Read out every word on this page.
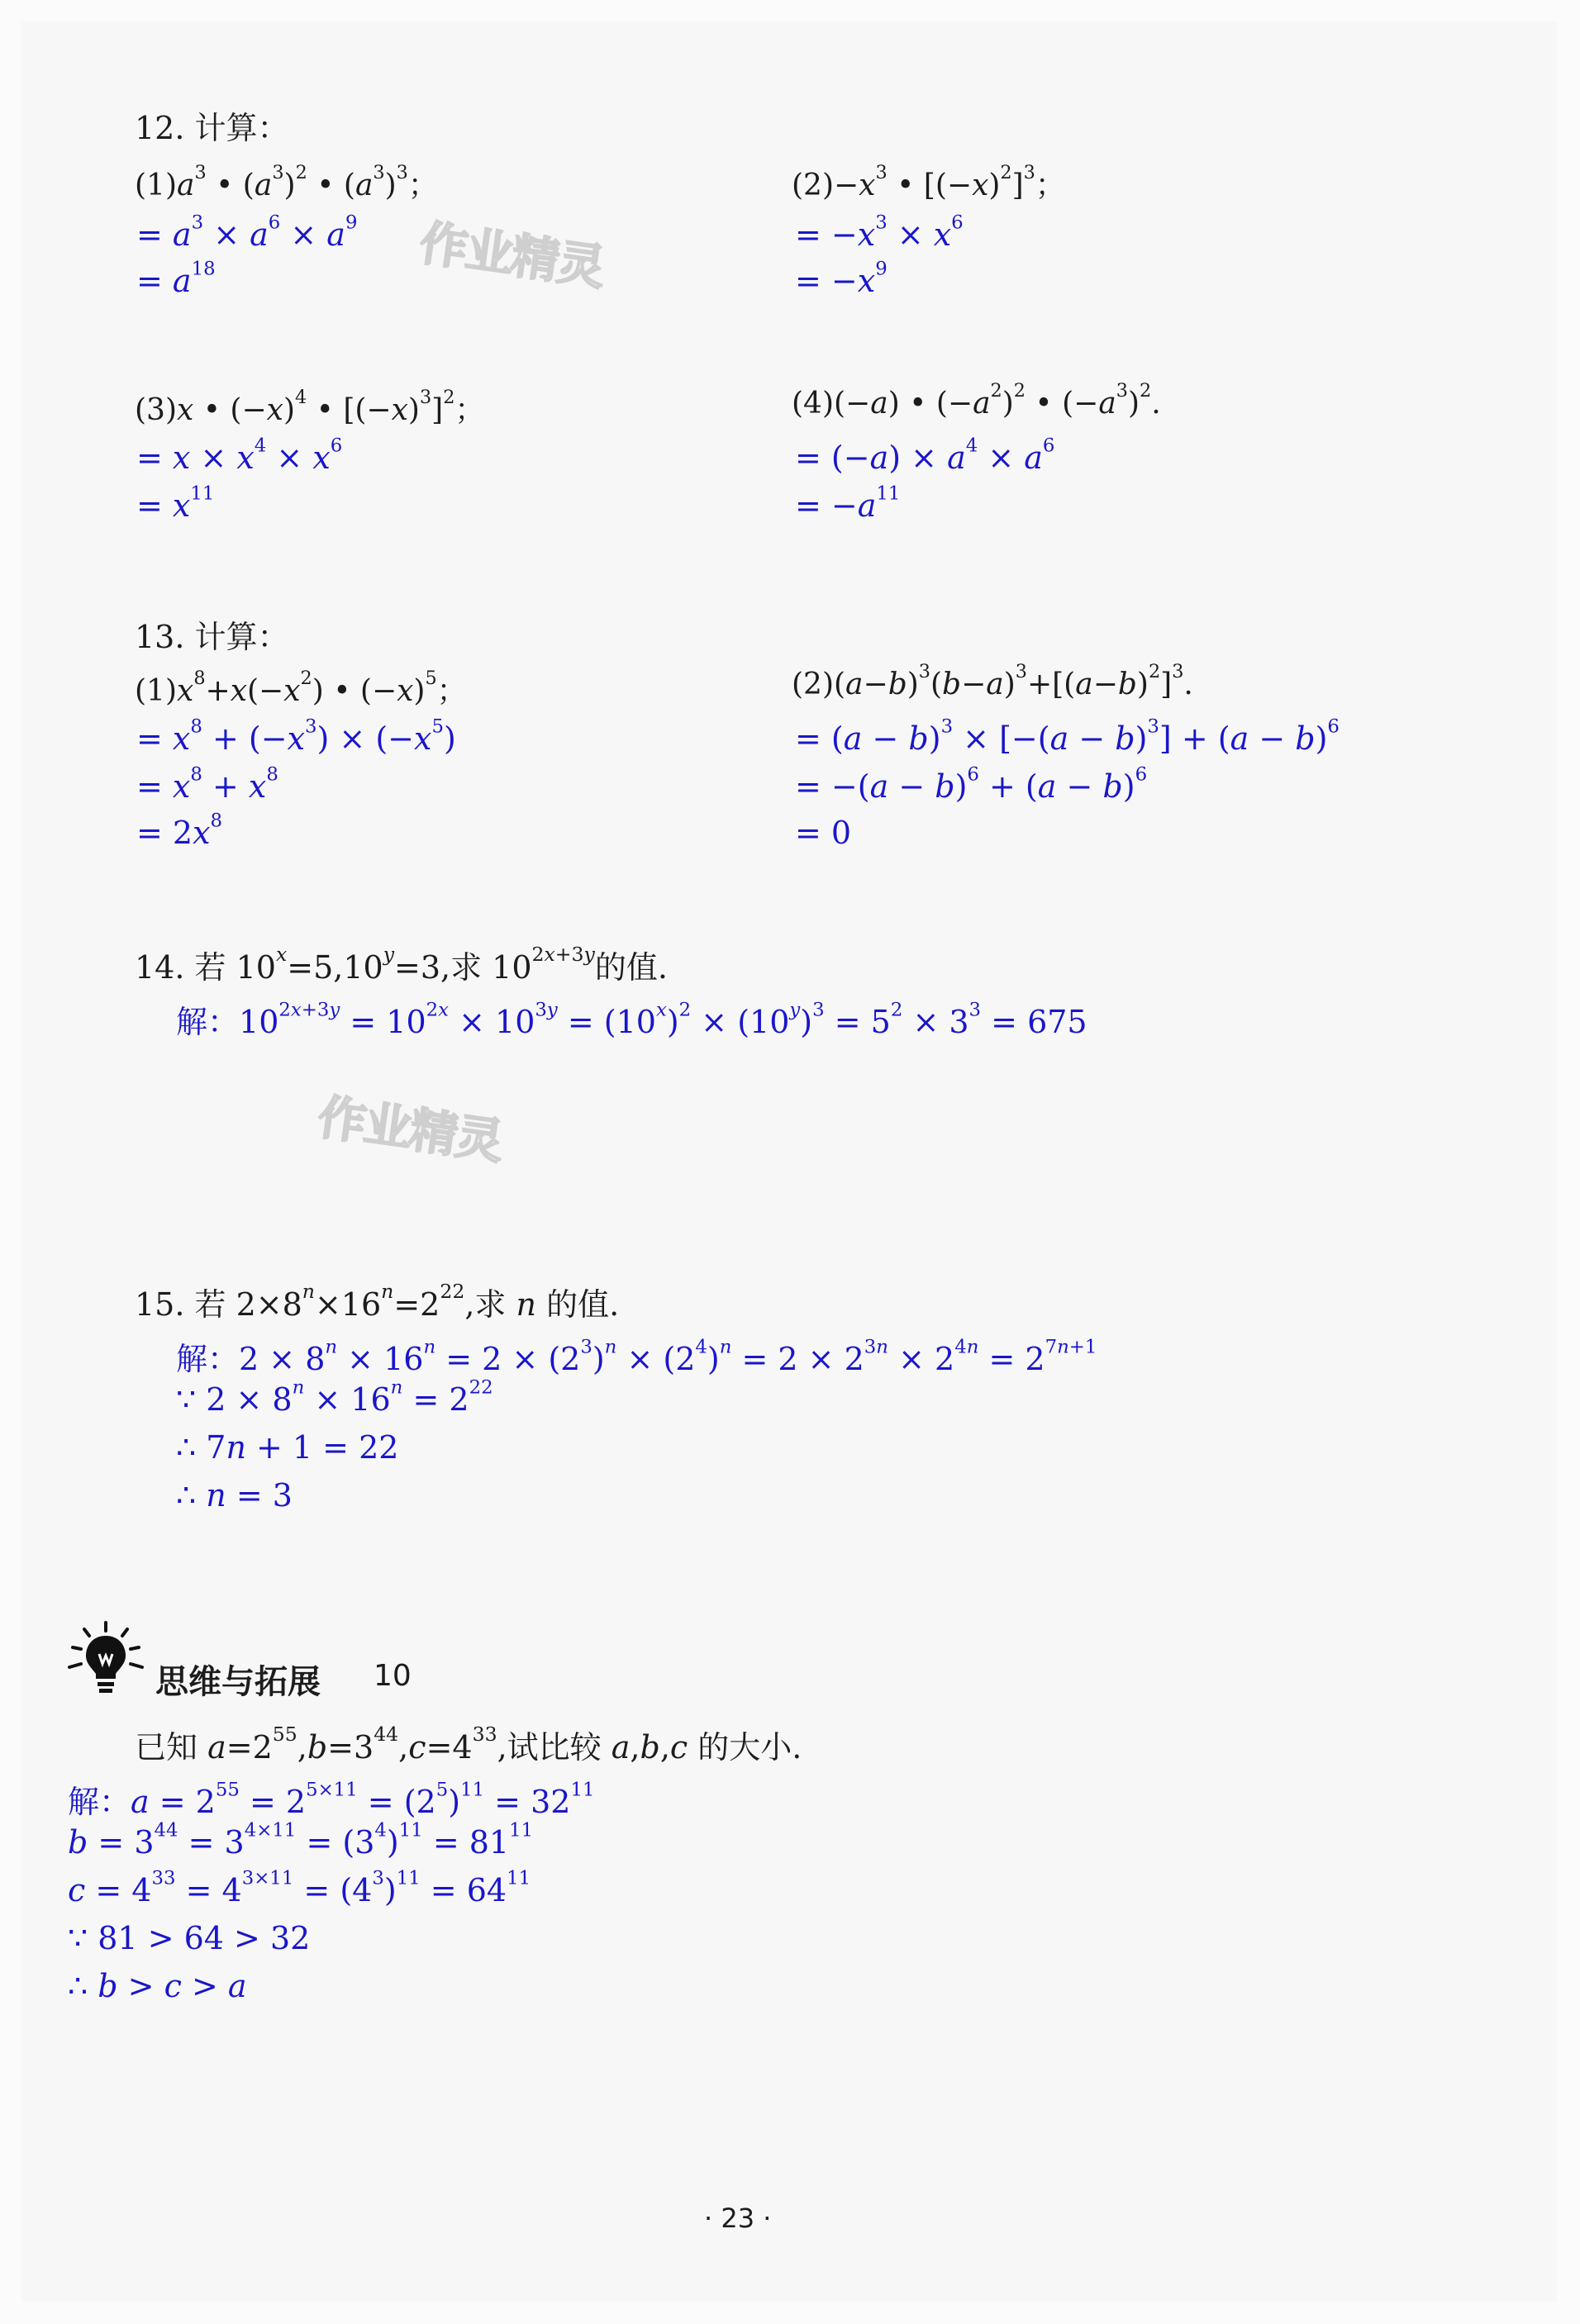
作业精灵
作业精灵
12. 计算：
$(1)a^3$ • $(a^3)^2$ • $(a^3)^3$；
= $a^3 \times a^6 \times a^9$
= $a^{18}$
$(2)-x^3$ • $[(-x)^2]^3$；
= $-x^3 \times x^6$
= $-x^9$
(3)x • $(-x)^4$ • $[(-x)^3]^2$；
= $x \times x^4 \times x^6$
= $x^{11}$
(4)(−a) • $(-a^2)^2$ • $(-a^3)^2$.
= $(-a) \times a^4 \times a^6$
= $-a^{11}$
13. 计算：
$(1)x^8+x(-x^2)$ • $(-x)^5$；
= $x^8 + (-x^3) \times (-x^5)$
= $x^8 + x^8$
= $2x^8$
$(2)(a-b)^3(b-a)^3+[(a-b)^2]^3$.
= $(a - b)^3 \times [-(a - b)^3] + (a - b)^6$
= $-(a - b)^6 + (a - b)^6$
= 0
14. 若 $10^x=5,10^y=3$,求 $10^{2x+3y}$的值.
解：$10^{2x+3y} = 10^{2x} \times 10^{3y} = (10^x)^2 \times (10^y)^3 = 5^2 \times 3^3 = 675$
15. 若 $2\times 8^n\times 16^n=2^{22}$,求 n 的值.
解：$2 \times 8^n \times 16^n = 2 \times (2^3)^n \times (2^4)^n = 2 \times 2^{3n} \times 2^{4n} = 2^{7n+1}$
∵ $2 \times 8^n \times 16^n = 2^{22}$
∴ 7n + 1 = 22
∴ n = 3
思维与拓展 10
已知 $a=2^{55},b=3^{44},c=4^{33}$,试比较 a,b,c 的大小.
解：$a = 2^{55} = 2^{5\times 11} = (2^5)^{11} = 32^{11}$
$b = 3^{44} = 3^{4\times 11} = (3^4)^{11} = 81^{11}$
$c = 4^{33} = 4^{3\times 11} = (4^3)^{11} = 64^{11}$
∵ 81 > 64 > 32
∴ b > c > a
· 23 ·
